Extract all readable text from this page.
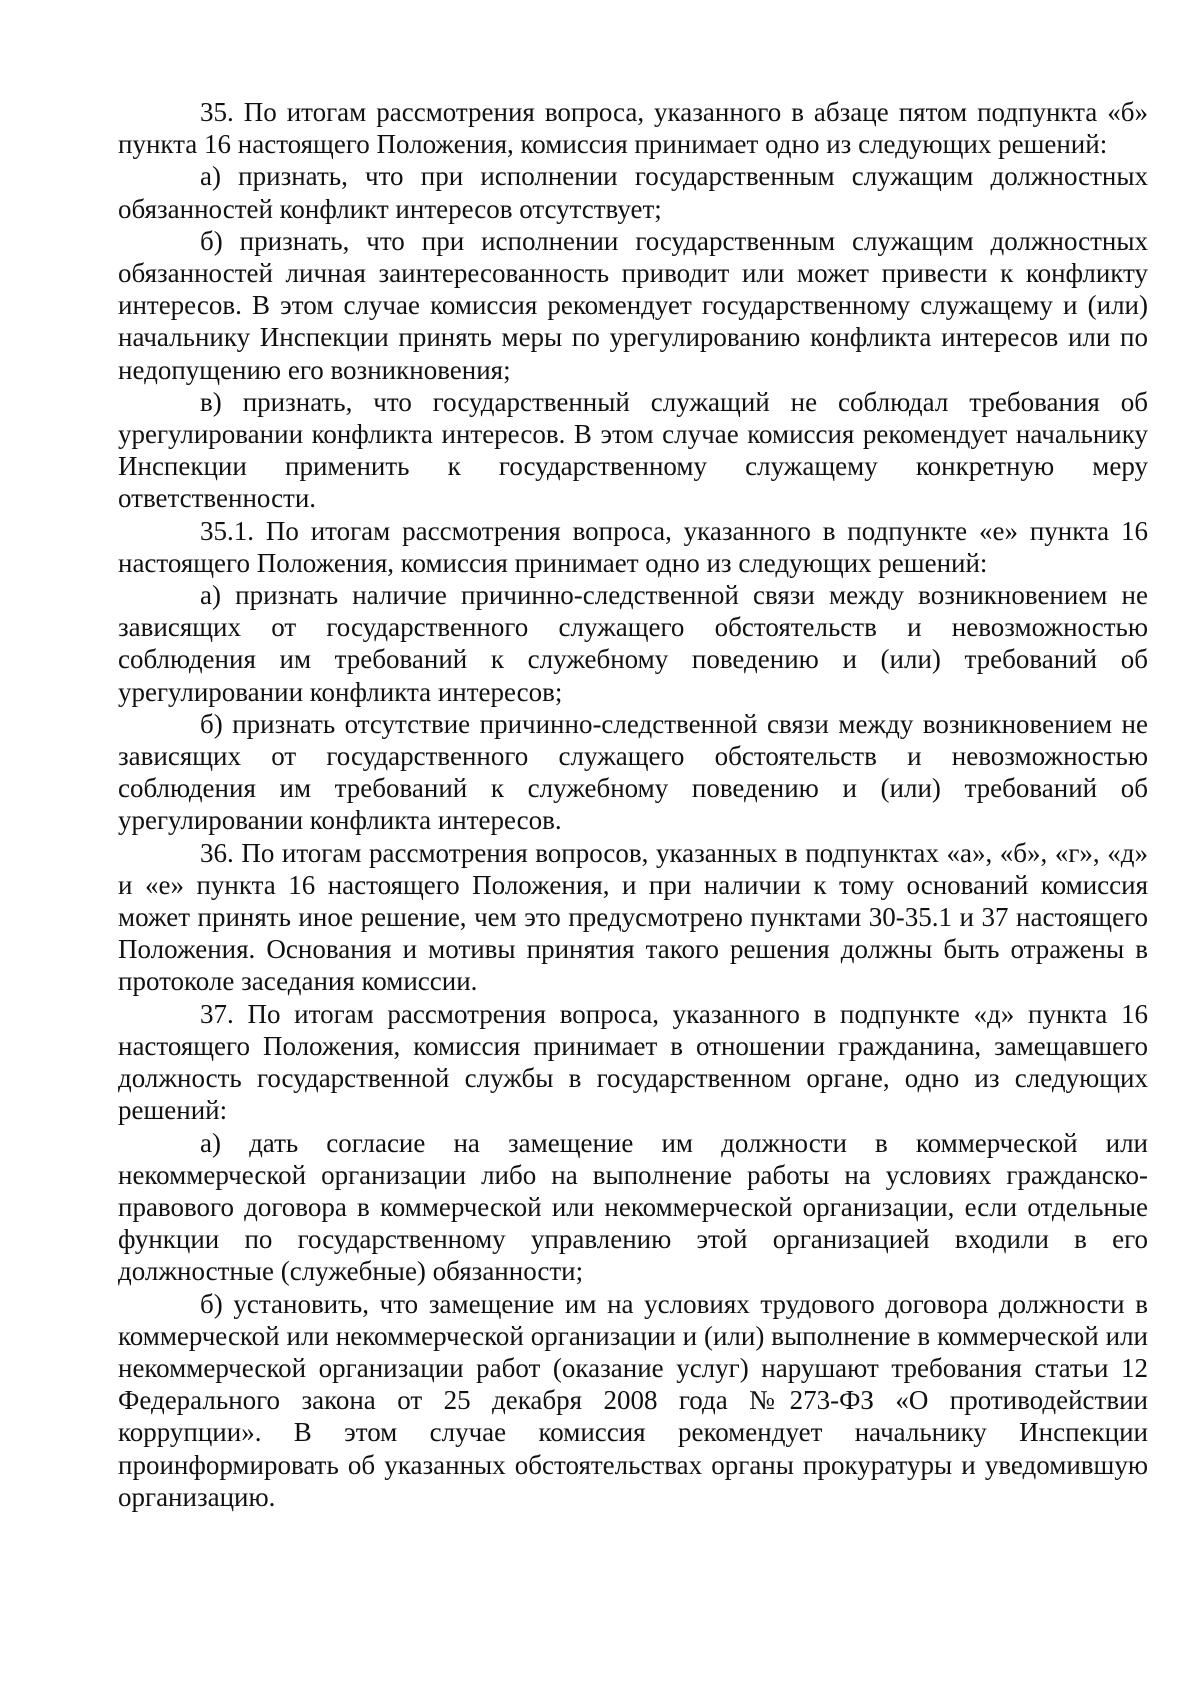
35. По итогам рассмотрения вопроса, указанного в абзаце пятом подпункта «б» пункта 16 настоящего Положения, комиссия принимает одно из следующих решений:

а) признать, что при исполнении государственным служащим должностных обязанностей конфликт интересов отсутствует;

б) признать, что при исполнении государственным служащим должностных обязанностей личная заинтересованность приводит или может привести к конфликту интересов. В этом случае комиссия рекомендует государственному служащему и (или) начальнику Инспекции принять меры по урегулированию конфликта интересов или по недопущению его возникновения;

в) признать, что государственный служащий не соблюдал требования об урегулировании конфликта интересов. В этом случае комиссия рекомендует начальнику Инспекции применить к государственному служащему конкретную меру ответственности.

35.1. По итогам рассмотрения вопроса, указанного в подпункте «е» пункта 16 настоящего Положения, комиссия принимает одно из следующих решений:

а) признать наличие причинно-следственной связи между возникновением не зависящих от государственного служащего обстоятельств и невозможностью соблюдения им требований к служебному поведению и (или) требований об урегулировании конфликта интересов;

б) признать отсутствие причинно-следственной связи между возникновением не зависящих от государственного служащего обстоятельств и невозможностью соблюдения им требований к служебному поведению и (или) требований об урегулировании конфликта интересов.

36. По итогам рассмотрения вопросов, указанных в подпунктах «а», «б», «г», «д» и «е» пункта 16 настоящего Положения, и при наличии к тому оснований комиссия может принять иное решение, чем это предусмотрено пунктами 30-35.1 и 37 настоящего Положения. Основания и мотивы принятия такого решения должны быть отражены в протоколе заседания комиссии.

37. По итогам рассмотрения вопроса, указанного в подпункте «д» пункта 16 настоящего Положения, комиссия принимает в отношении гражданина, замещавшего должность государственной службы в государственном органе, одно из следующих решений:

а) дать согласие на замещение им должности в коммерческой или некоммерческой организации либо на выполнение работы на условиях гражданско-правового договора в коммерческой или некоммерческой организации, если отдельные функции по государственному управлению этой организацией входили в его должностные (служебные) обязанности;

б) установить, что замещение им на условиях трудового договора должности в коммерческой или некоммерческой организации и (или) выполнение в коммерческой или некоммерческой организации работ (оказание услуг) нарушают требования статьи 12 Федерального закона от 25 декабря 2008 года №273-ФЗ «О противодействии коррупции». В этом случае комиссия рекомендует начальнику Инспекции проинформировать об указанных обстоятельствах органы прокуратуры и уведомившую организацию.
